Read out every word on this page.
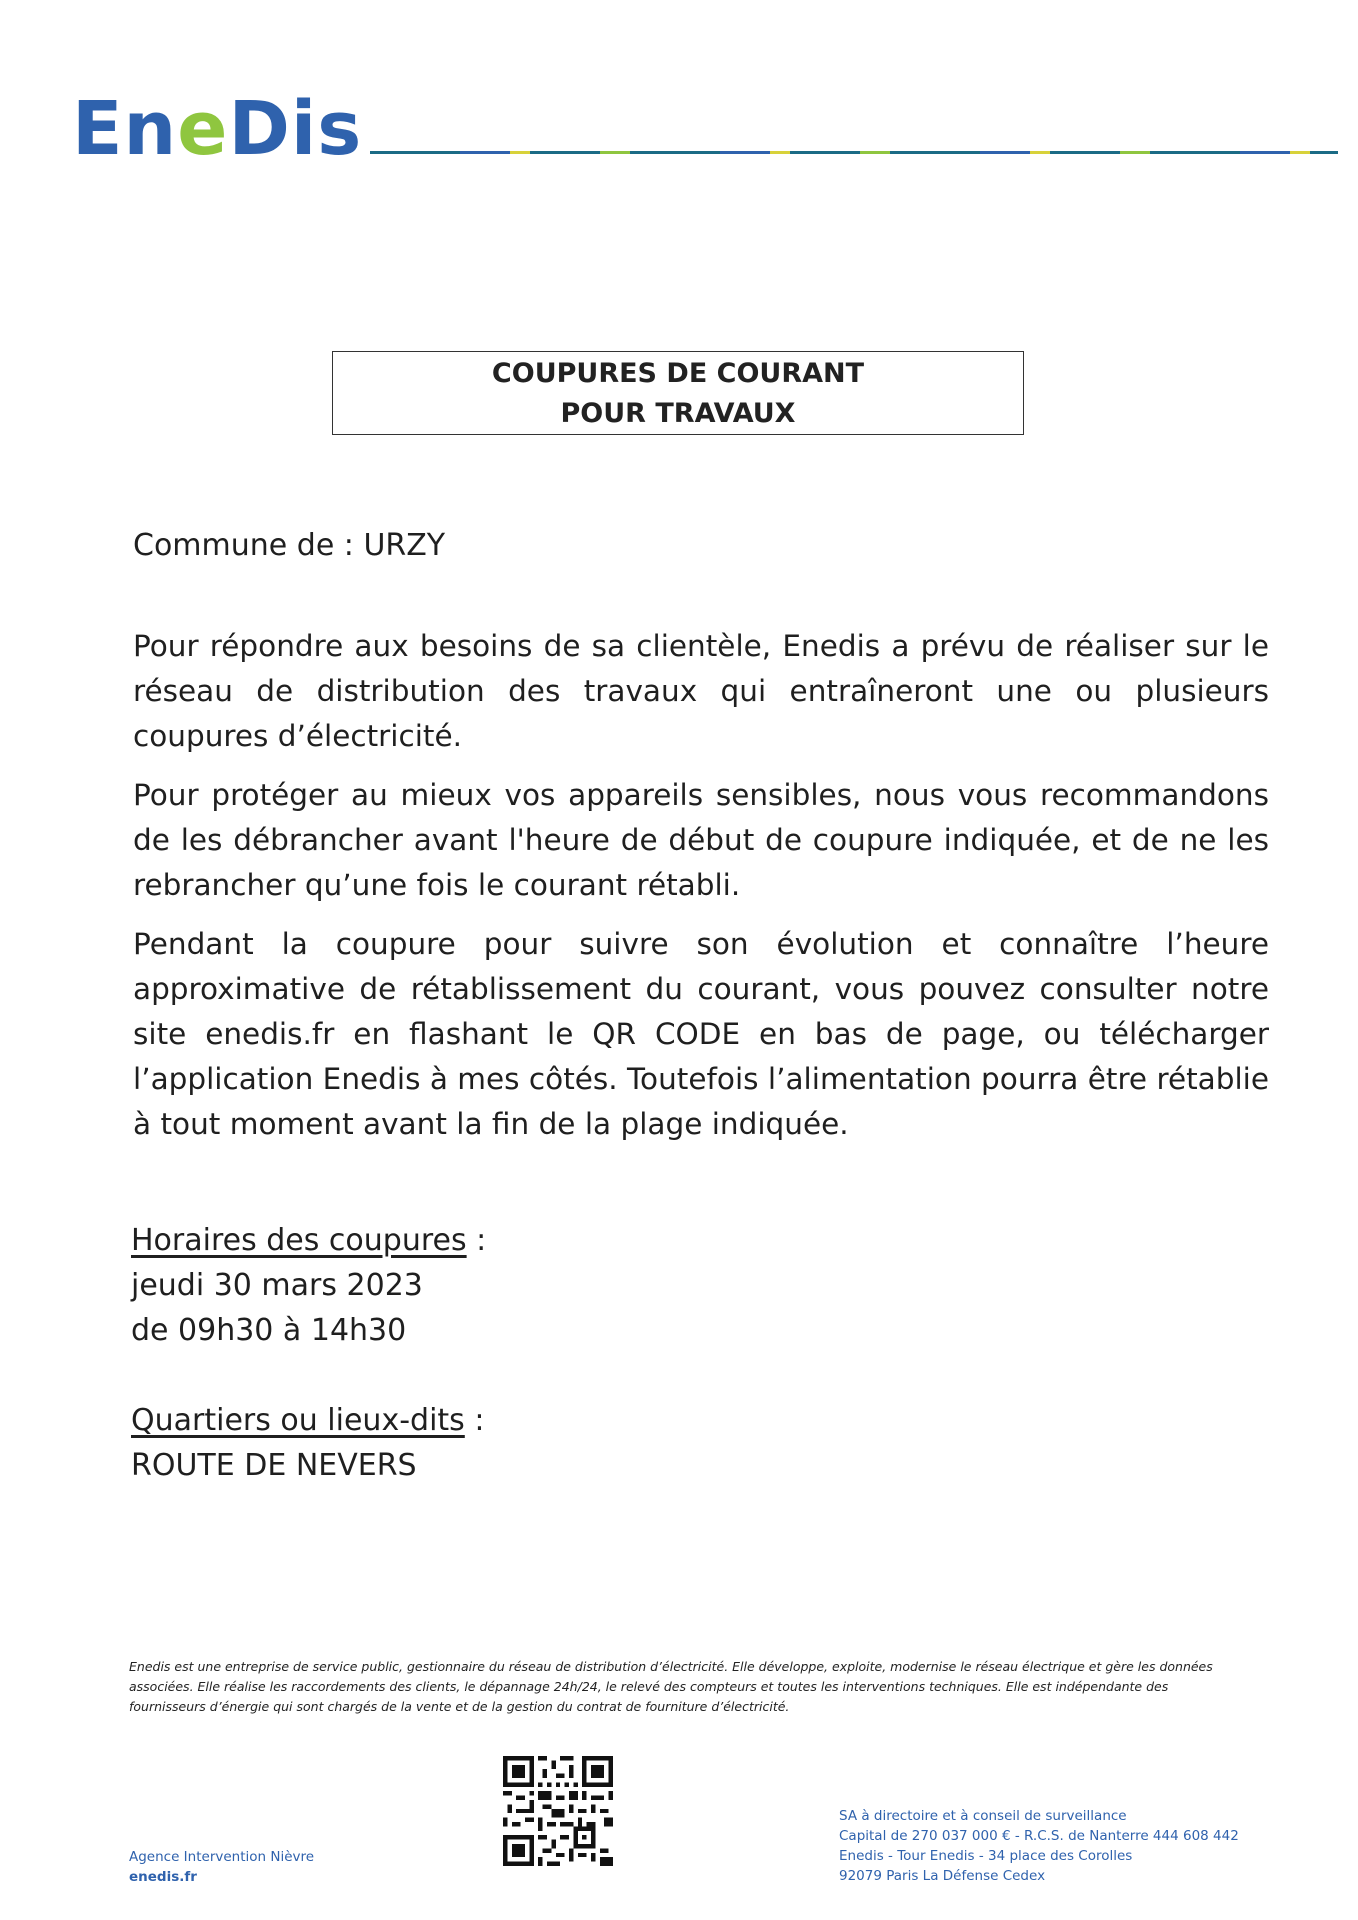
EneDis
COUPURES DE COURANT
POUR TRAVAUX
Commune de : URZY
Pour répondre aux besoins de sa clientèle, Enedis a prévu de réaliser sur le réseau de distribution des travaux qui entraîneront une ou plusieurs coupures d’électricité.
Pour protéger au mieux vos appareils sensibles, nous vous recommandons de les débrancher avant l'heure de début de coupure indiquée, et de ne les rebrancher qu’une fois le courant rétabli.
Pendant la coupure pour suivre son évolution et connaître l’heure approximative de rétablissement du courant, vous pouvez consulter notre site enedis.fr en flashant le QR CODE en bas de page, ou télécharger l’application Enedis à mes côtés. Toutefois l’alimentation pourra être rétablie à tout moment avant la fin de la plage indiquée.
Horaires des coupures :
jeudi 30 mars 2023
de 09h30 à 14h30
Quartiers ou lieux-dits :
ROUTE DE NEVERS
Enedis est une entreprise de service public, gestionnaire du réseau de distribution d’électricité. Elle développe, exploite, modernise le réseau électrique et gère les données associées. Elle réalise les raccordements des clients, le dépannage 24h/24, le relevé des compteurs et toutes les interventions techniques. Elle est indépendante des fournisseurs d’énergie qui sont chargés de la vente et de la gestion du contrat de fourniture d’électricité.
Agence Intervention Nièvre
enedis.fr
SA à directoire et à conseil de surveillance
Capital de 270 037 000 € - R.C.S. de Nanterre 444 608 442
Enedis - Tour Enedis - 34 place des Corolles
92079 Paris La Défense Cedex
